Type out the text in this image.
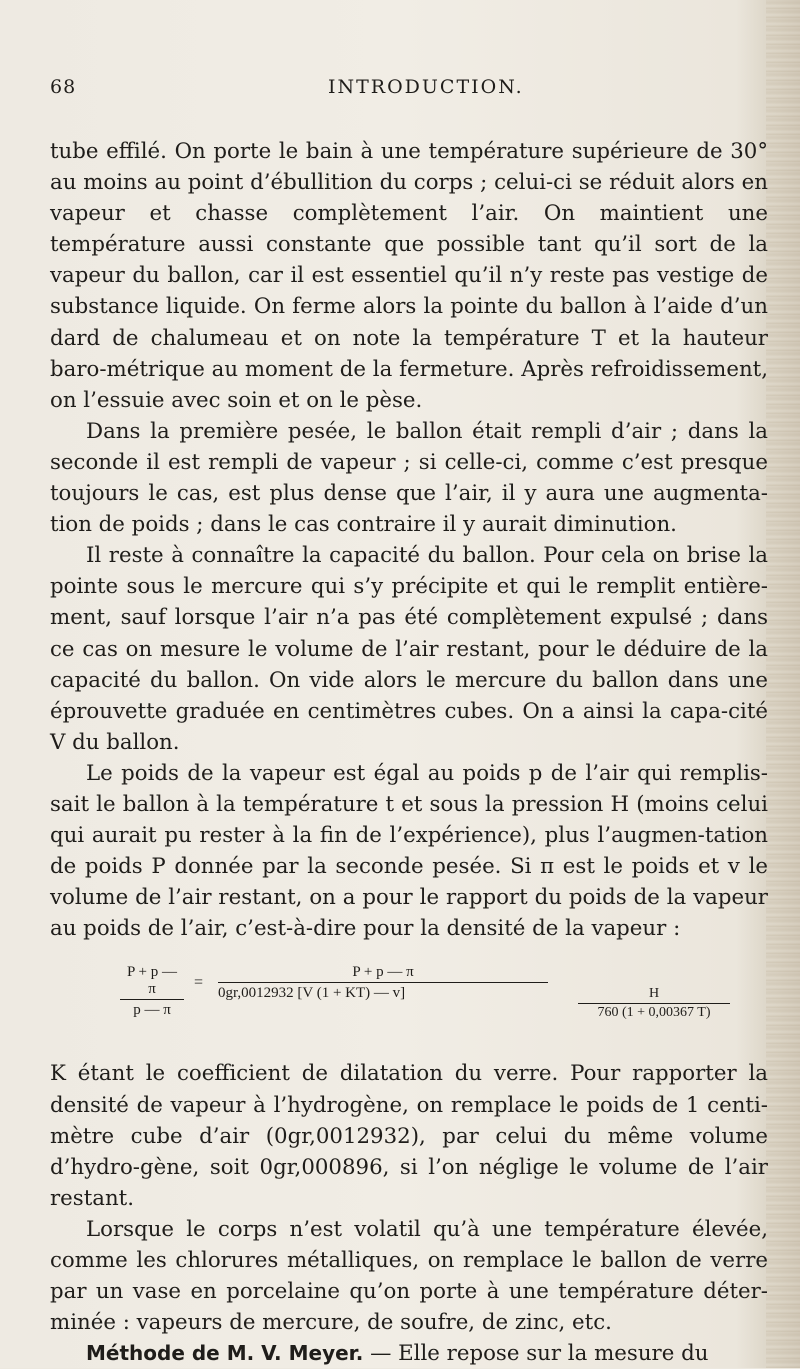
68	INTRODUCTION.

tube effilé. On porte le bain à une température supérieure de 30° au moins au point d’ébullition du corps ; celui-ci se réduit alors en vapeur et chasse complètement l’air. On maintient une température aussi constante que possible tant qu’il sort de la vapeur du ballon, car il est essentiel qu’il n’y reste pas vestige de substance liquide. On ferme alors la pointe du ballon à l’aide d’un dard de chalumeau et on note la température T et la hauteur baro-métrique au moment de la fermeture. Après refroidissement, on l’essuie avec soin et on le pèse.

Dans la première pesée, le ballon était rempli d’air ; dans la seconde il est rempli de vapeur ; si celle-ci, comme c’est presque toujours le cas, est plus dense que l’air, il y aura une augmenta-tion de poids ; dans le cas contraire il y aurait diminution.

Il reste à connaître la capacité du ballon. Pour cela on brise la pointe sous le mercure qui s’y précipite et qui le remplit entière-ment, sauf lorsque l’air n’a pas été complètement expulsé ; dans ce cas on mesure le volume de l’air restant, pour le déduire de la capacité du ballon. On vide alors le mercure du ballon dans une éprouvette graduée en centimètres cubes. On a ainsi la capa-cité V du ballon.

Le poids de la vapeur est égal au poids p de l’air qui remplis-sait le ballon à la température t et sous la pression H (moins celui qui aurait pu rester à la fin de l’expérience), plus l’augmen-tation de poids P donnée par la seconde pesée. Si π est le poids et v le volume de l’air restant, on a pour le rapport du poids de la vapeur au poids de l’air, c’est-à-dire pour la densité de la vapeur :

$\frac{P + p — \pi}{p — \pi} = \frac{P + p — \pi}{0gr,0012932 [V (1 + KT) — v]}$
$\frac{H}{760 (1 + 0,00367 T)}$

K étant le coefficient de dilatation du verre. Pour rapporter la densité de vapeur à l’hydrogène, on remplace le poids de 1 centi-mètre cube d’air (0gr,0012932), par celui du même volume d’hydro-gène, soit 0gr,000896, si l’on néglige le volume de l’air restant.

Lorsque le corps n’est volatil qu’à une température élevée, comme les chlorures métalliques, on remplace le ballon de verre par un vase en porcelaine qu’on porte à une température déter-minée : vapeurs de mercure, de soufre, de zinc, etc.

Méthode de M. V. Meyer. — Elle repose sur la mesure du
